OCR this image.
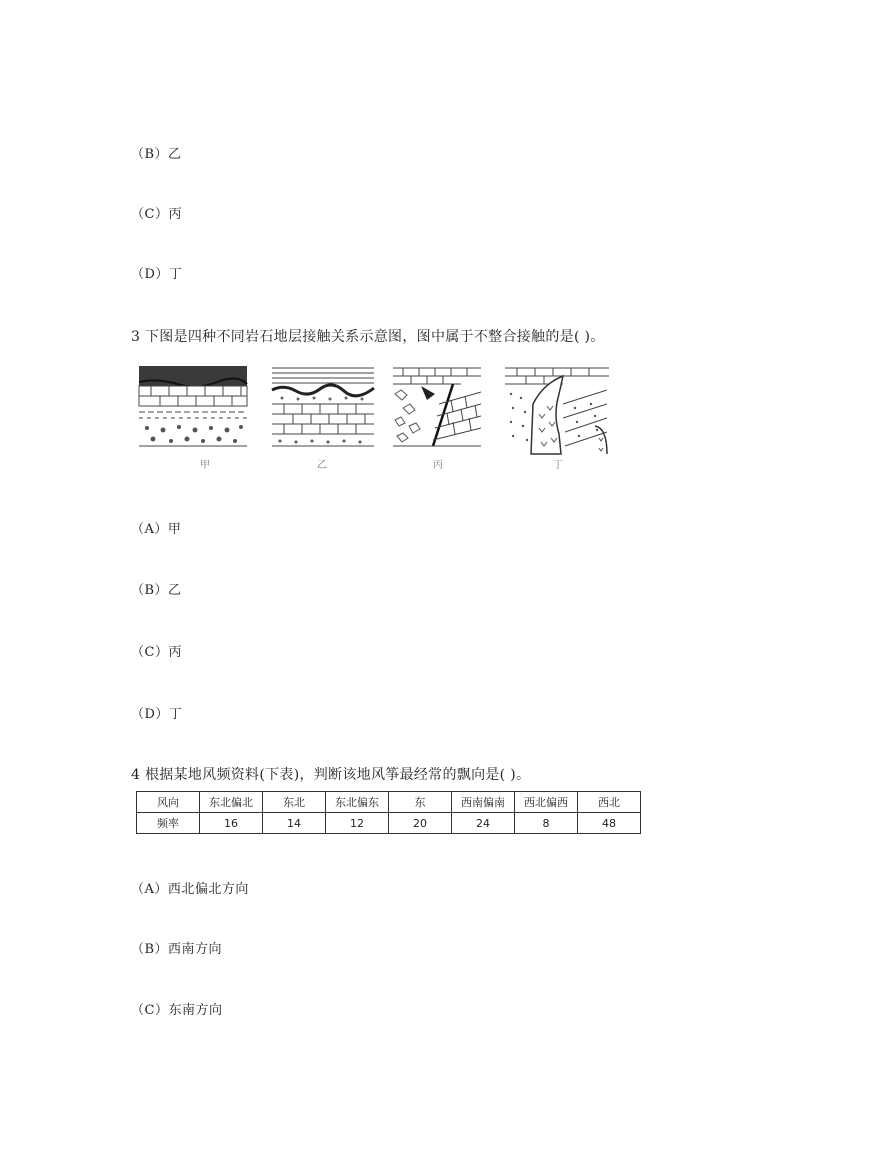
（B）乙
（C）丙
（D）丁
3 下图是四种不同岩石地层接触关系示意图，图中属于不整合接触的是( )。
甲	乙	丙	丁
（A）甲
（B）乙
（C）丙
（D）丁
4 根据某地风频资料(下表)，判断该地风筝最经常的飘向是( )。
风向	东北偏北	东北	东北偏东	东	西南偏南	西北偏西	西北
频率	16	14	12	20	24	8	48
（A）西北偏北方向
（B）西南方向
（C）东南方向
